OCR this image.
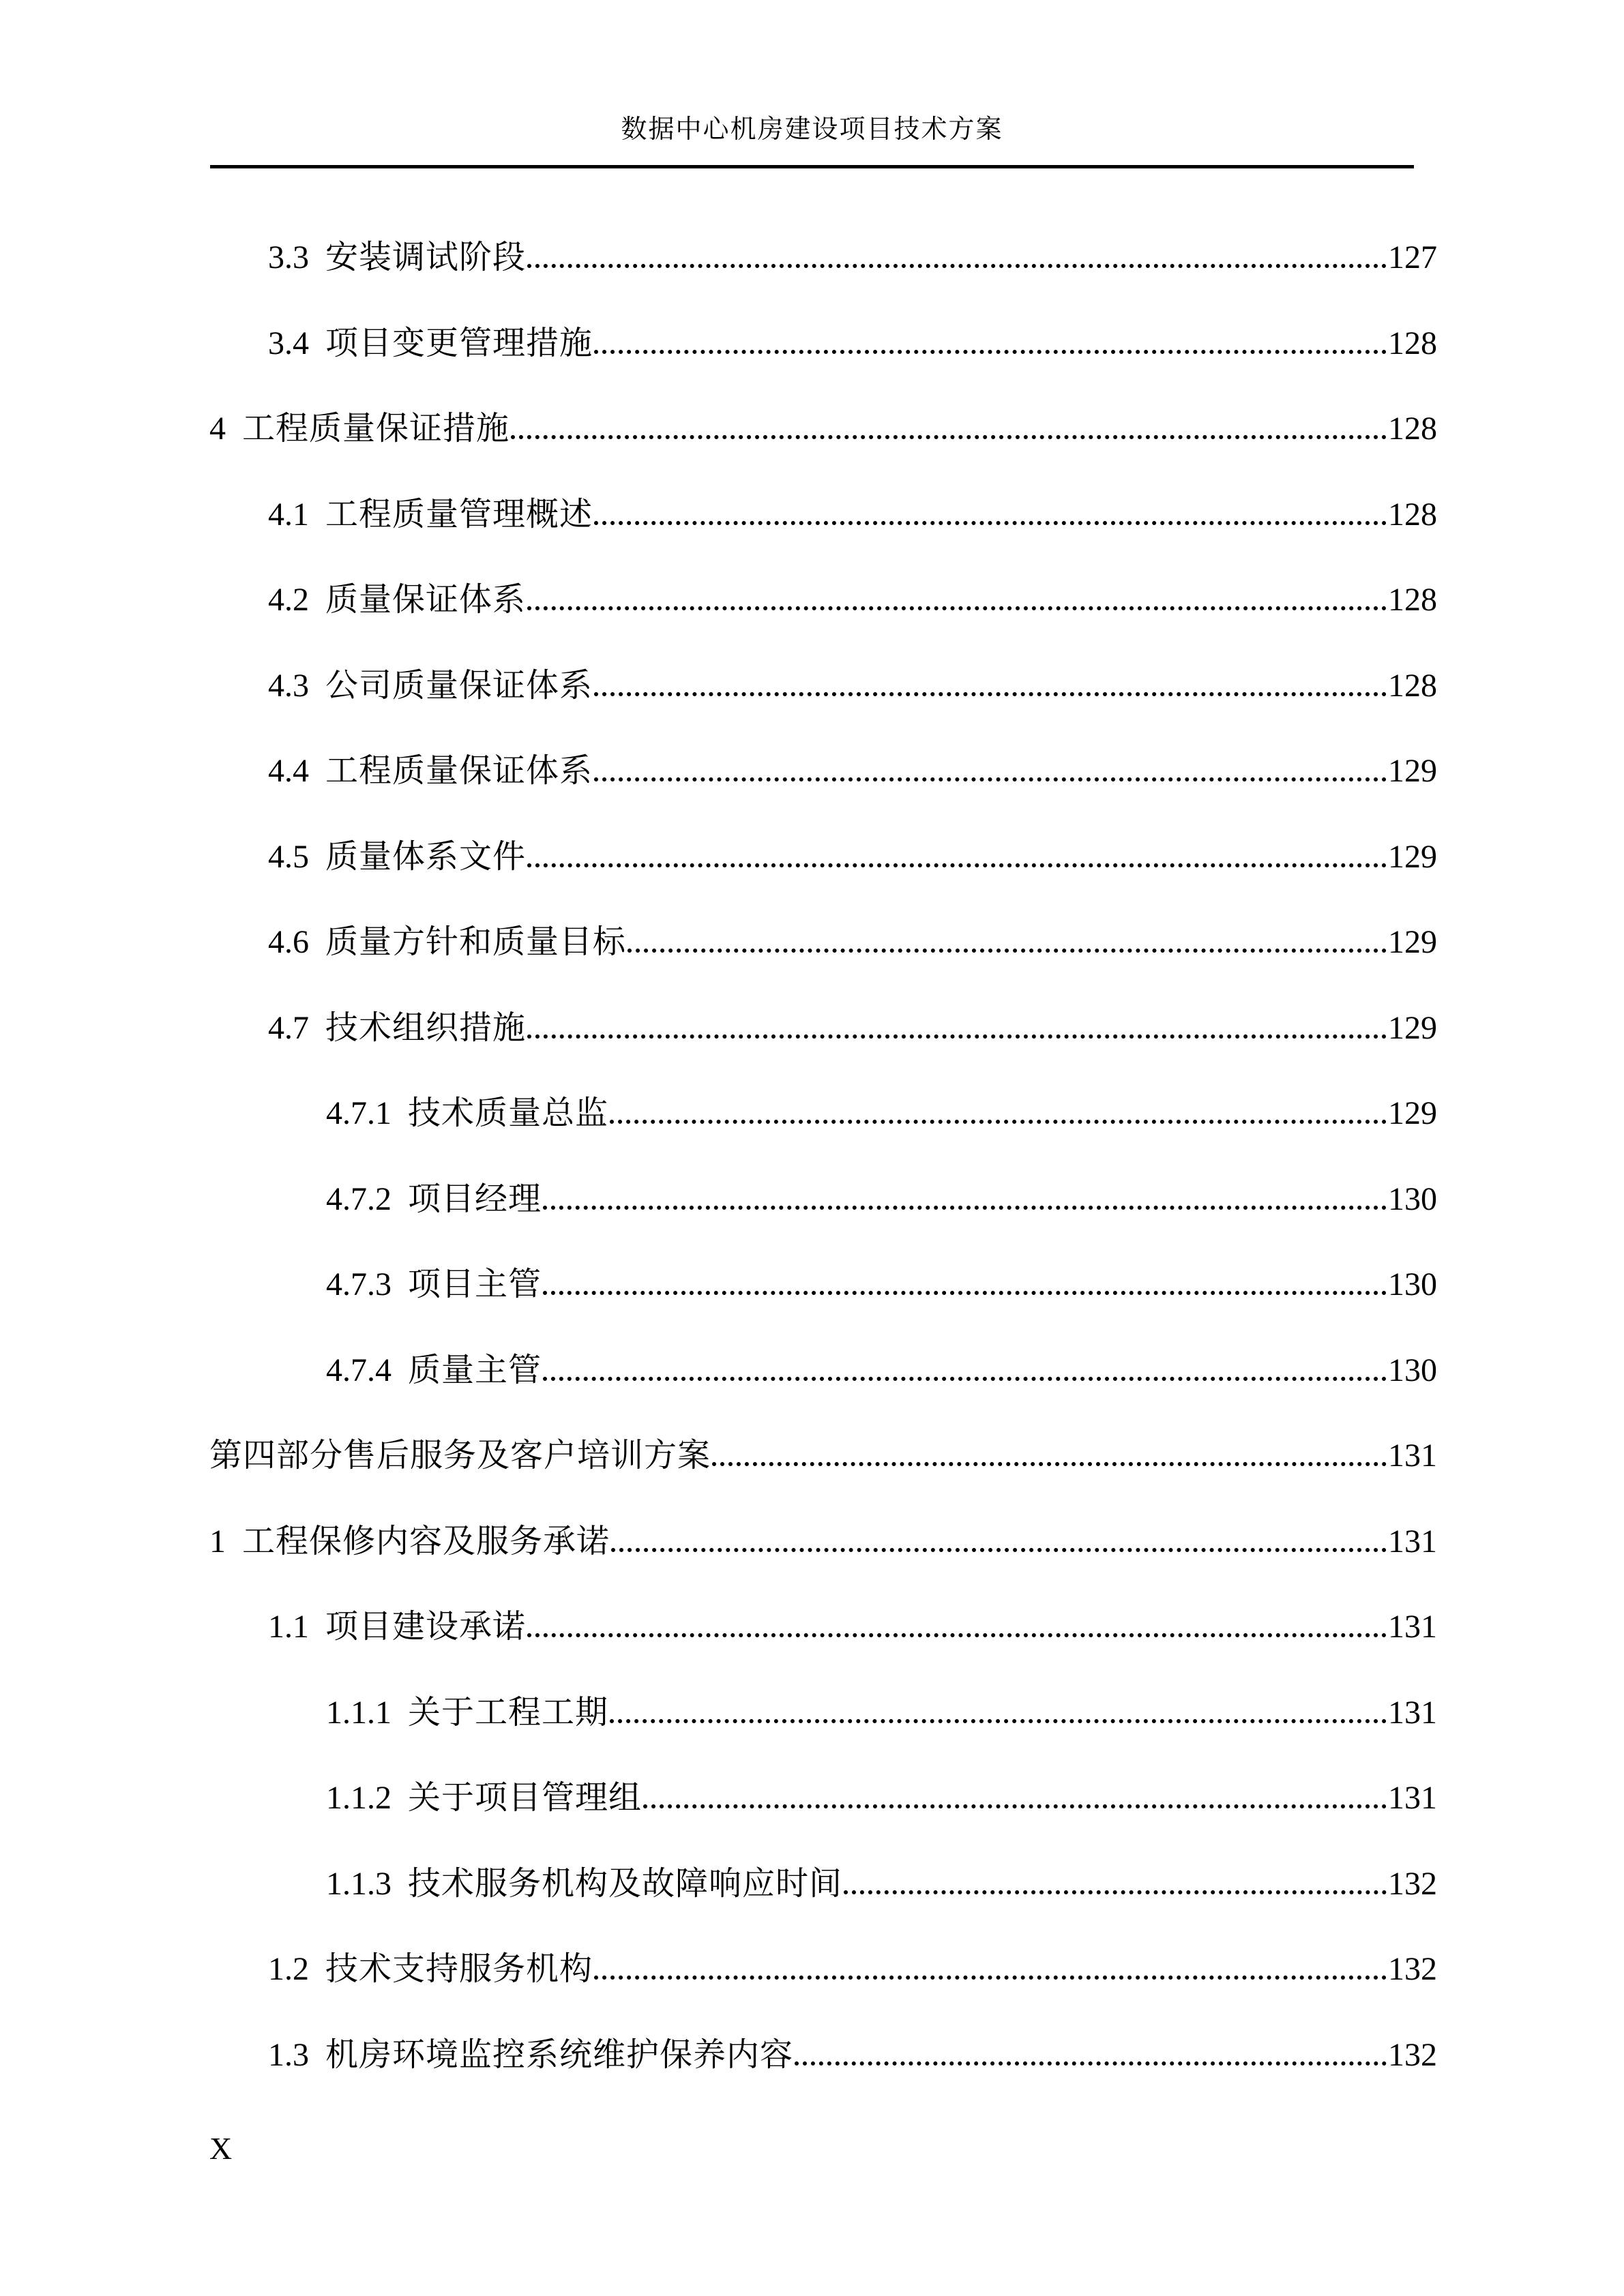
数据中心机房建设项目技术方案
3.3 安装调试阶段	127
3.4 项目变更管理措施	128
4 工程质量保证措施	128
4.1 工程质量管理概述	128
4.2 质量保证体系	128
4.3 公司质量保证体系	128
4.4 工程质量保证体系	129
4.5 质量体系文件	129
4.6 质量方针和质量目标	129
4.7 技术组织措施	129
4.7.1 技术质量总监	129
4.7.2 项目经理	130
4.7.3 项目主管	130
4.7.4 质量主管	130
第四部分售后服务及客户培训方案	131
1 工程保修内容及服务承诺	131
1.1 项目建设承诺	131
1.1.1 关于工程工期	131
1.1.2 关于项目管理组	131
1.1.3 技术服务机构及故障响应时间	132
1.2 技术支持服务机构	132
1.3 机房环境监控系统维护保养内容	132
X
